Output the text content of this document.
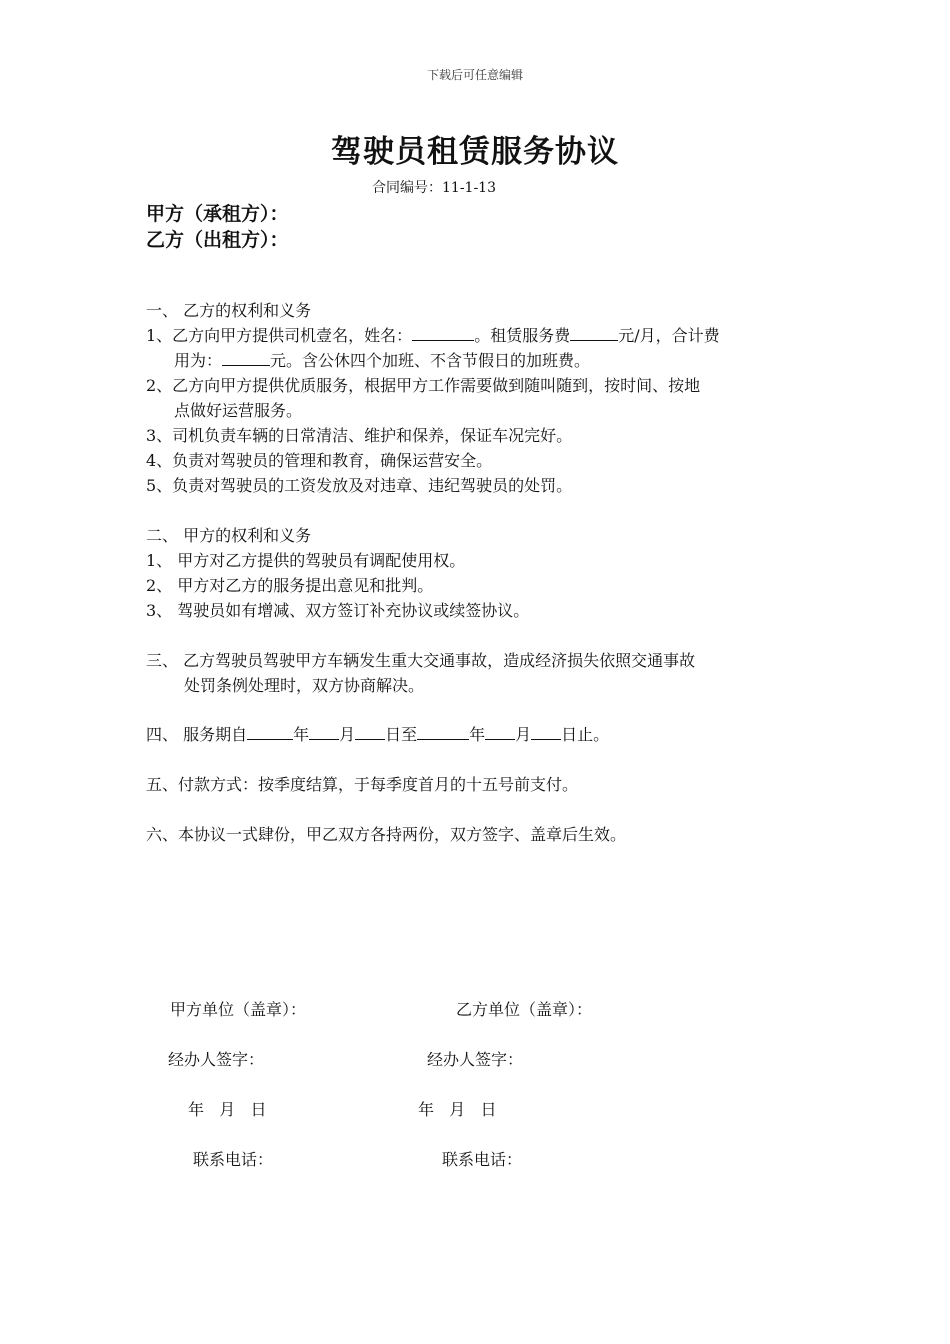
下载后可任意编辑
驾驶员租赁服务协议
合同编号：11-1-13
甲方（承租方）：
乙方（出租方）：
一、 乙方的权利和义务
1、乙方向甲方提供司机壹名，姓名：	。租赁服务费	元/月，合计费
用为：	元。含公休四个加班、不含节假日的加班费。
2、乙方向甲方提供优质服务，根据甲方工作需要做到随叫随到，按时间、按地
点做好运营服务。
3、司机负责车辆的日常清洁、维护和保养，保证车况完好。
4、负责对驾驶员的管理和教育，确保运营安全。
5、负责对驾驶员的工资发放及对违章、违纪驾驶员的处罚。
二、 甲方的权利和义务
1、 甲方对乙方提供的驾驶员有调配使用权。
2、 甲方对乙方的服务提出意见和批判。
3、 驾驶员如有增减、双方签订补充协议或续签协议。
三、 乙方驾驶员驾驶甲方车辆发生重大交通事故，造成经济损失依照交通事故
处罚条例处理时，双方协商解决。
四、 服务期自	年 月 日至	年 月 日止。
五、付款方式：按季度结算，于每季度首月的十五号前支付。
六、本协议一式肆份，甲乙双方各持两份，双方签字、盖章后生效。
甲方单位（盖章）：	乙方单位（盖章）：
经办人签字：	经办人签字：
年   月   日	年   月   日
联系电话：	联系电话：
